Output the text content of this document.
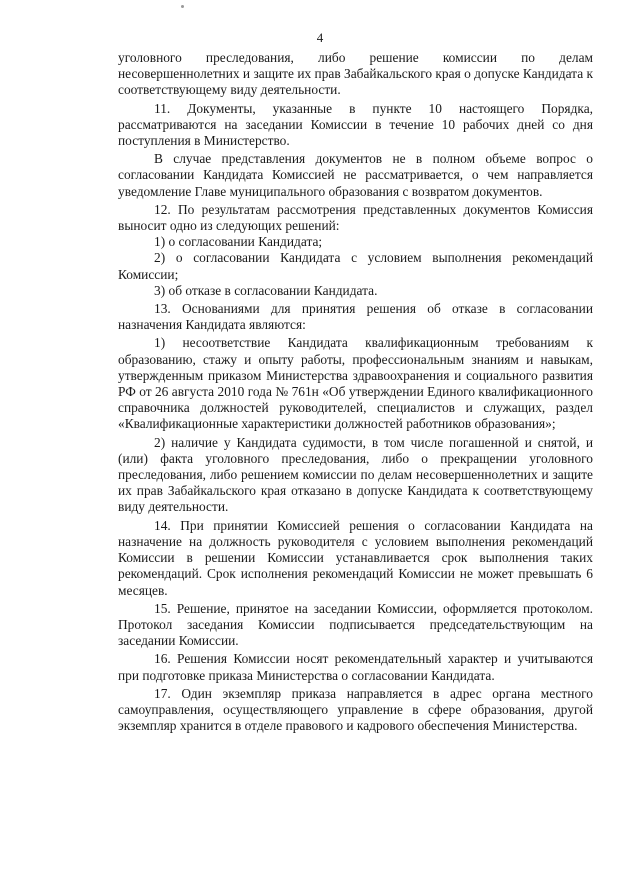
4

уголовного преследования, либо решение комиссии по делам несовершеннолетних и защите их прав Забайкальского края о допуске Кандидата к соответствующему виду деятельности.

11. Документы, указанные в пункте 10 настоящего Порядка, рассматриваются на заседании Комиссии в течение 10 рабочих дней со дня поступления в Министерство.

В случае представления документов не в полном объеме вопрос о согласовании Кандидата Комиссией не рассматривается, о чем направляется уведомление Главе муниципального образования с возвратом документов.

12. По результатам рассмотрения представленных документов Комиссия выносит одно из следующих решений:

1) о согласовании Кандидата;

2) о согласовании Кандидата с условием выполнения рекомендаций Комиссии;

3) об отказе в согласовании Кандидата.

13. Основаниями для принятия решения об отказе в согласовании назначения Кандидата являются:

1) несоответствие Кандидата квалификационным требованиям к образованию, стажу и опыту работы, профессиональным знаниям и навыкам, утвержденным приказом Министерства здравоохранения и социального развития РФ от 26 августа 2010 года № 761н «Об утверждении Единого квалификационного справочника должностей руководителей, специалистов и служащих, раздел «Квалификационные характеристики должностей работников образования»;

2) наличие у Кандидата судимости, в том числе погашенной и снятой, и (или) факта уголовного преследования, либо о прекращении уголовного преследования, либо решением комиссии по делам несовершеннолетних и защите их прав Забайкальского края отказано в допуске Кандидата к соответствующему виду деятельности.

14. При принятии Комиссией решения о согласовании Кандидата на назначение на должность руководителя с условием выполнения рекомендаций Комиссии в решении Комиссии устанавливается срок выполнения таких рекомендаций. Срок исполнения рекомендаций Комиссии не может превышать 6 месяцев.

15. Решение, принятое на заседании Комиссии, оформляется протоколом. Протокол заседания Комиссии подписывается председательствующим на заседании Комиссии.

16. Решения Комиссии носят рекомендательный характер и учитываются при подготовке приказа Министерства о согласовании Кандидата.

17. Один экземпляр приказа направляется в адрес органа местного самоуправления, осуществляющего управление в сфере образования, другой экземпляр хранится в отделе правового и кадрового обеспечения Министерства.
